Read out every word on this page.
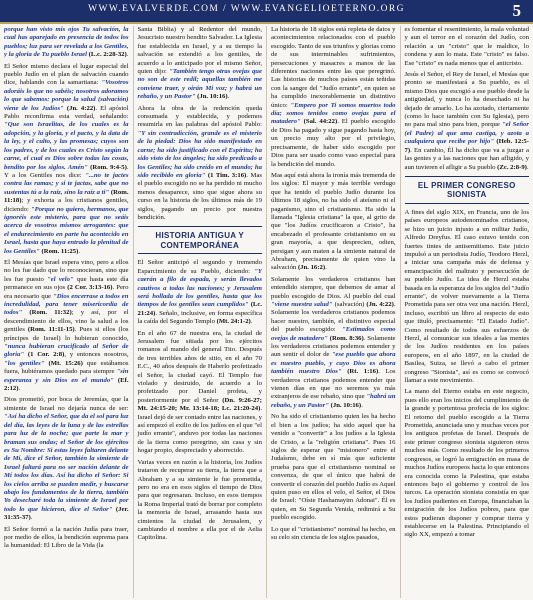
WWW.EVALVERDE.COM / WWW.EVANGELIOETERNO.ORG	5

porque han visto mis ojos Tu salvación, la cual has aparejado en presencia de todos los pueblos; luz para ser revelada a los Gentiles, y la gloria de Tu pueblo Israel (L.c. 2:28-32).

El Señor mismo declara el lugar especial del pueblo Judío en el plan de salvación cuando dice, hablando con la samaritana: "Vosotros adoráis lo que no sabéis; nosotros adoramos lo que sabemos: porque la salud (salvación) viene de los Judíos" (Jn. 4:22). El apóstol Pablo reconfirma esta verdad, señalando: "Que son Israelitas, de los cuales es la adopción, y la gloria, y el pacto, y la data de la ley, y el culto, y las promesas; cuyos son los padres, y de los cuales es Cristo según la carne, el cual es Dios sobre todas las cosas, bendito por los siglos. Amén" (Rom. 9:4-5). Y a los Gentiles nos dice: "...no te jactes contra las ramas; y si te jactas, sabe que no sustentas tú a la raíz, sino la raíz a ti" (Rom. 11:18); y exhorta a los cristianos gentiles, diciendo: "Porque no quiero, hermanos, que ignoréis este misterio, para que no seáis acerca de vosotros mismos arrogantes: que el endurecimiento en parte ha acontecido en Israel, hasta que haya entrado la plenitud de los Gentiles" (Rom. 11:25).

El Mesías que Israel espera vino, pero a ellos no les fue dado que lo reconocieran, sino que les fue puesto "el velo" que hasta este día permanece en sus ojos (2 Cor. 3:13-16). Pero era necesario que "Dios encerrase a todos en incredulidad, para tener misericordia de todos" (Rom. 11:32); y así, por el descendimiento de ellos, vino la salud a los gentiles (Rom. 11:11-15). Pues si ellos (los príncipes de Israel) lo hubieran conocido, "nunca hubieran crucificado al Señor de gloria" (1 Cor. 2:8), y entonces nosotros, "los gentiles" (Mt. 15:26) que estábamos fuera, hubiéramos quedado para siempre "sin esperanza y sin Dios en el mundo" (Ef. 2:12).

Dios prometió, por boca de Jeremías, que la simiente de Israel no dejaría nunca de ser: "Así ha dicho el Señor, que da el sol para luz del día, las leyes de la luna y de las estrellas para luz de la noche; que parte la mar y braman sus ondas; el Señor de los ejércitos es Su Nombre: Si estas leyes faltaren delante de Mí, dice el Señor, también la simiente de Israel faltará para no ser nación delante de Mí todos los días. Así ha dicho el Señor: Si los cielos arriba se pueden medir, y buscarse abajo los fundamentos de la tierra, también Yo desecharé toda la simiente de Israel por todo lo que hicieron, dice el Señor" (Jer. 31:35-37).

El Señor formó a la nación Judía para traer, por medio de ellos, la bendición suprema para la humanidad: El Libro de la Vida (la

Santa Biblia) y al Redentor del mundo, Jesucristo nuestro bendito Salvador. La Iglesia fue establecida en Israel, y a su tiempo la salvación se extendió a los gentiles, de acuerdo a lo anticipado por el mismo Señor, quien dijo: "También tengo otras ovejas que no son de este redil; aquellas también me conviene traer, y oirán Mi voz; y habrá un rebaño, y un Pastor" (Jn. 10:16).

Ahora la obra de la redención queda consumada y establecida, y podemos resumirla en las palabras del apóstol Pablo: "Y sin contradicción, grande es el misterio de la piedad: Dios ha sido manifestado en carne; ha sido justificado con el Espíritu; ha sido visto de los ángeles; ha sido predicado a los Gentiles; ha sido creído en el mundo; ha sido recibido en gloria" (1 Tim. 3:16). Mas el pueblo escogido no se ha perdido ni mucho menos desaparece, sino que sigue ahora su curso en la historia de los últimos más de 19 siglos, pagando un precio por nuestra bendición.

HISTORIA ANTIGUA Y CONTEMPORÁNEA

El Señor anticipó el segundo y tremendo Esparcimiento de su Pueblo, diciendo: "Y caerán a filo de espada, y serán llevados cautivos a todas las naciones; y Jerusalem será hollada de los gentiles, hasta que los tiempos de los gentiles sean cumplidos" (Lc. 21:24). Señalo, inclusive, en forma específica la caída del Segundo Templo (Mt. 24:1-2).

En el año 67 de nuestra era, la ciudad de Jerusalem fue sitiada por los ejércitos romanos al mando del general Tito. Después de tres terribles años de sitio, en el año 70 E.C., 40 años después de Haberlo profetizado el Señor, la ciudad cayó. El Templo fue violado y destruido, de acuerdo a lo profetizado por Daniel profeta, y posteriormente por el Señor (Dn. 9:26-27; Mt. 24:15-20; Mr. 13:14-18; Lc. 21:20-24). Israel dejó de ser contado entre las naciones, y así empezó el exilio de los judíos en el que "el judío errante", anduvo por todas las naciones de la tierra como peregrino, sin casa y sin hogar propio, despreciado y aborrecido.

Varias veces en razón a la historia, los Judíos trataron de recuperar su tierra, la tierra que a Abraham y a su simiente le fue prometida, pero no era en esos siglos el tiempo de Dios para que regresaran. Incluso, en esos tiempos la Roma Imperial trató de borrar por completo la memoria de Israel, arrasando hasta sus cimientos la ciudad de Jerusalem, y cambiando el nombre a ella por el de Aelia Capitolina.

La historia de 18 siglos está repleta de datos y acontecimientos relacionados con el pueblo escogido. Tanto de sus triunfos y glorias como de sus interminables sufrimientos, persecuciones y masacres a manos de las diferentes naciones entre las que peregrinó. Las historias de muchos países están teñidas con la sangre del "Judío errante", en quien se ha cumplido inexorablemente un distintivo único: "Empero por Ti somos muertos todo día; somos tenidos como ovejas para el matadero" (Sal. 44:22). El pueblo escogido de Dios ha pagado y sigue pagando hasta hoy, un precio muy alto por el privilegio, precisamente, de haber sido escogido por Dios para ser usado como vaso especial para la bendición del mundo.

Mas aquí está ahora la ironía más tremenda de los siglos: El mayor y más terrible verdugo que ha tenido el pueblo Judío durante los últimos 18 siglos, no ha sido el ateísmo ni el paganismo, sino el cristianismo. Ha sido la llamada "Iglesia cristiana" la que, al grito de que "los Judíos crucificaron a Cristo", ha encabezado el profesante cristianismo en su gran mayoría, a que desprecien, odien, persigan y aun maten a la simiente natural de Abraham, precisamente de quien vino la salvación (Jn. 16:2).

Solamente los verdaderos cristianos han entendido siempre, que debemos de amar al pueblo escogido de Dios. Al pueblo del cual "viene nuestra salud" (salvación) (Jn. 4:22). Solamente los verdaderos cristianos podemos hacer nuestro, también, el distintivo especial del pueblo escogido: "Estimados como ovejas de matadero" (Rom. 8:36). Solamente los verdaderos cristianos podemos entender y aun sentir el dolor de "ese pueblo que ahora es nuestro pueblo, y cuyo Dios es ahora también nuestro Dios" (Rt. 1:16). Los verdaderos cristianos podemos entender que vienen días en que no seremos ya más extranjeros de ese rebaño, sino que "habrá un rebaño, y un Pastor" (Jn. 10:16).

No ha sido el cristianismo quien les ha hecho el bien a los judíos; ha sido aquel que ha venido a "convertir" a los judíos a la Iglesia de Cristo, a la "religión cristiana". Pues 16 siglos de esperar que "misionero" entre el Judaísmo, debe en sí más que suficiente prueba para que el cristianismo nominal se convenza, de que el único que habrá de convertir el corazón del pueblo Judío es Aquel quien puso en ellos el velo, el Señor, el Dios de Israel: "Oíste Hashamayim Adonai". Él es quien, en Su Segunda Venida, redimirá a Su pueblo escogido.

Lo que el "cristianismo" nominal ha hecho, en su celo sin ciencia de los siglos pasados,

es fomentar el resentimiento, la mala voluntad y aun el terror en el corazón del Judío, con relación a un "cristo" que le maldice, lo condena y aun lo mata. Este "cristo" es falso. Ese "cristo" es nada menos que el anticristo.

Jesús el Señor, el Rey de Israel, el Mesías que pronto se manifestará a Su pueblo, es el mismo Dios que escogió a ese pueblo desde la antigüedad, y nunca lo ha desechado ni ha dejado de amarlo. Lo ha azotado, ciertamente (como lo hace también con Su Iglesia), pero no para mal sino para bien, porque "el Señor (el Padre) al que ama castiga, y azota a cualquiera que recibe por hijo" (Heb. 12:5-7). En cambio, Él ha dicho que va a juzgar a las gentes y a las naciones que han afligido, y aun tuvieren el afligir a Su pueblo (Zc. 2:8-9).

EL PRIMER CONGRESO SIONISTA

A fines del siglo XIX, en Francia, uno de los países europeos autodenominados cristianos, se hizo un juicio injusto a un militar Judío, Alfredo Dreyfus. El caso estuvo tenido con fuertes tintes de antisemitismo. Este juicio impulsó a un periodista Judío, Teodoro Herzl, a iniciar una campaña más de defensa y emancipación del maltrato y persecución de su pueblo Judío. La idea de Herzl estaba basada en la esperanza de los siglos del "Judío errante", de volver nuevamente a la Tierra Prometida para ser otra vez una nación. Herzl, incluso, escribió un libro al respecto de esto que tituló, precisamente: "El Estado Judío". Como resultado de todos sus esfuerzos de Herzl, al comunicar sus ideales a las mentes de los Judíos residentes en los países europeos, en el año 1897, en la ciudad de Basilea, Suiza, se llevó a cabo el primer congreso "Sionista", así es como se convocó llamar a este movimiento.

La mano del Eterno estaba en este negocio, pues ello eran los inicios del cumplimiento de la grande y portentosa profecía de los siglos: El retorno del pueblo escogido a la Tierra Prometida, anunciada uno y muchas veces por los antiguos profetas de Israel. Después de este primer congreso sionista siguieron otros muchos más. Como resultado de los primeros congresos, se logró la emigración en masa de muchos Judíos europeos hacia lo que entonces era conocida como la Palestina, que estaba entonces bajo el gobierno y control de los turcos. La operación sionista consistía en que los Judíos pudientes en Europa, financiaban la emigración de los Judíos pobres, para que estos pudieran disponer y comprar tierra y establecerse en la Palestina. Principiando el siglo XX, empezó a tomar
